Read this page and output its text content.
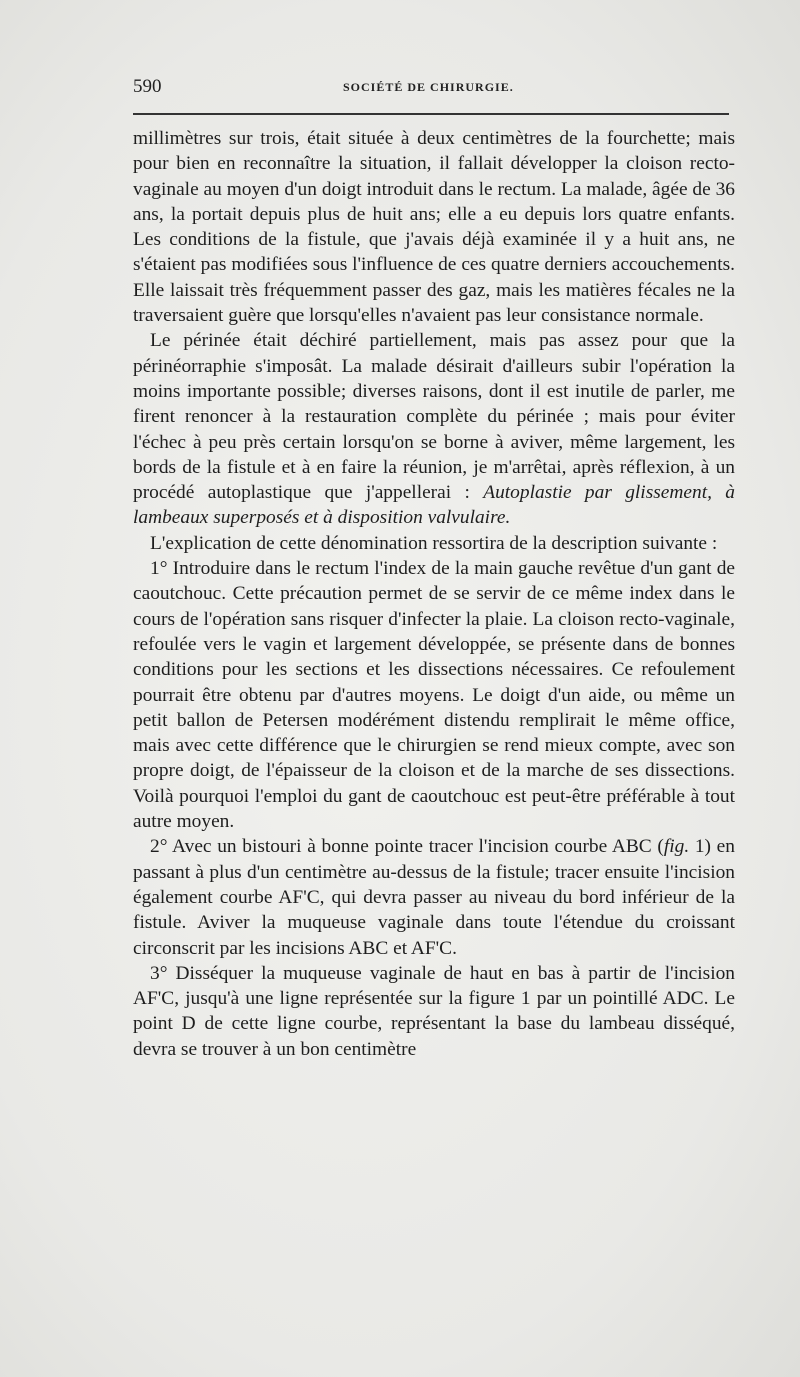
590	SOCIÉTÉ DE CHIRURGIE.

millimètres sur trois, était située à deux centimètres de la fourchette; mais pour bien en reconnaître la situation, il fallait développer la cloison recto-vaginale au moyen d'un doigt introduit dans le rectum. La malade, âgée de 36 ans, la portait depuis plus de huit ans; elle a eu depuis lors quatre enfants. Les conditions de la fistule, que j'avais déjà examinée il y a huit ans, ne s'étaient pas modifiées sous l'influence de ces quatre derniers accouchements. Elle laissait très fréquemment passer des gaz, mais les matières fécales ne la traversaient guère que lorsqu'elles n'avaient pas leur consistance normale.

Le périnée était déchiré partiellement, mais pas assez pour que la périnéorraphie s'imposât. La malade désirait d'ailleurs subir l'opération la moins importante possible; diverses raisons, dont il est inutile de parler, me firent renoncer à la restauration complète du périnée ; mais pour éviter l'échec à peu près certain lorsqu'on se borne à aviver, même largement, les bords de la fistule et à en faire la réunion, je m'arrêtai, après réflexion, à un procédé autoplastique que j'appellerai : Autoplastie par glissement, à lambeaux superposés et à disposition valvulaire.

L'explication de cette dénomination ressortira de la description suivante :

1° Introduire dans le rectum l'index de la main gauche revêtue d'un gant de caoutchouc. Cette précaution permet de se servir de ce même index dans le cours de l'opération sans risquer d'infecter la plaie. La cloison recto-vaginale, refoulée vers le vagin et largement développée, se présente dans de bonnes conditions pour les sections et les dissections nécessaires. Ce refoulement pourrait être obtenu par d'autres moyens. Le doigt d'un aide, ou même un petit ballon de Petersen modérément distendu remplirait le même office, mais avec cette différence que le chirurgien se rend mieux compte, avec son propre doigt, de l'épaisseur de la cloison et de la marche de ses dissections. Voilà pourquoi l'emploi du gant de caoutchouc est peut-être préférable à tout autre moyen.

2° Avec un bistouri à bonne pointe tracer l'incision courbe ABC (fig. 1) en passant à plus d'un centimètre au-dessus de la fistule; tracer ensuite l'incision également courbe AF'C, qui devra passer au niveau du bord inférieur de la fistule. Aviver la muqueuse vaginale dans toute l'étendue du croissant circonscrit par les incisions ABC et AF'C.

3° Disséquer la muqueuse vaginale de haut en bas à partir de l'incision AF'C, jusqu'à une ligne représentée sur la figure 1 par un pointillé ADC. Le point D de cette ligne courbe, représentant la base du lambeau disséqué, devra se trouver à un bon centimètre
